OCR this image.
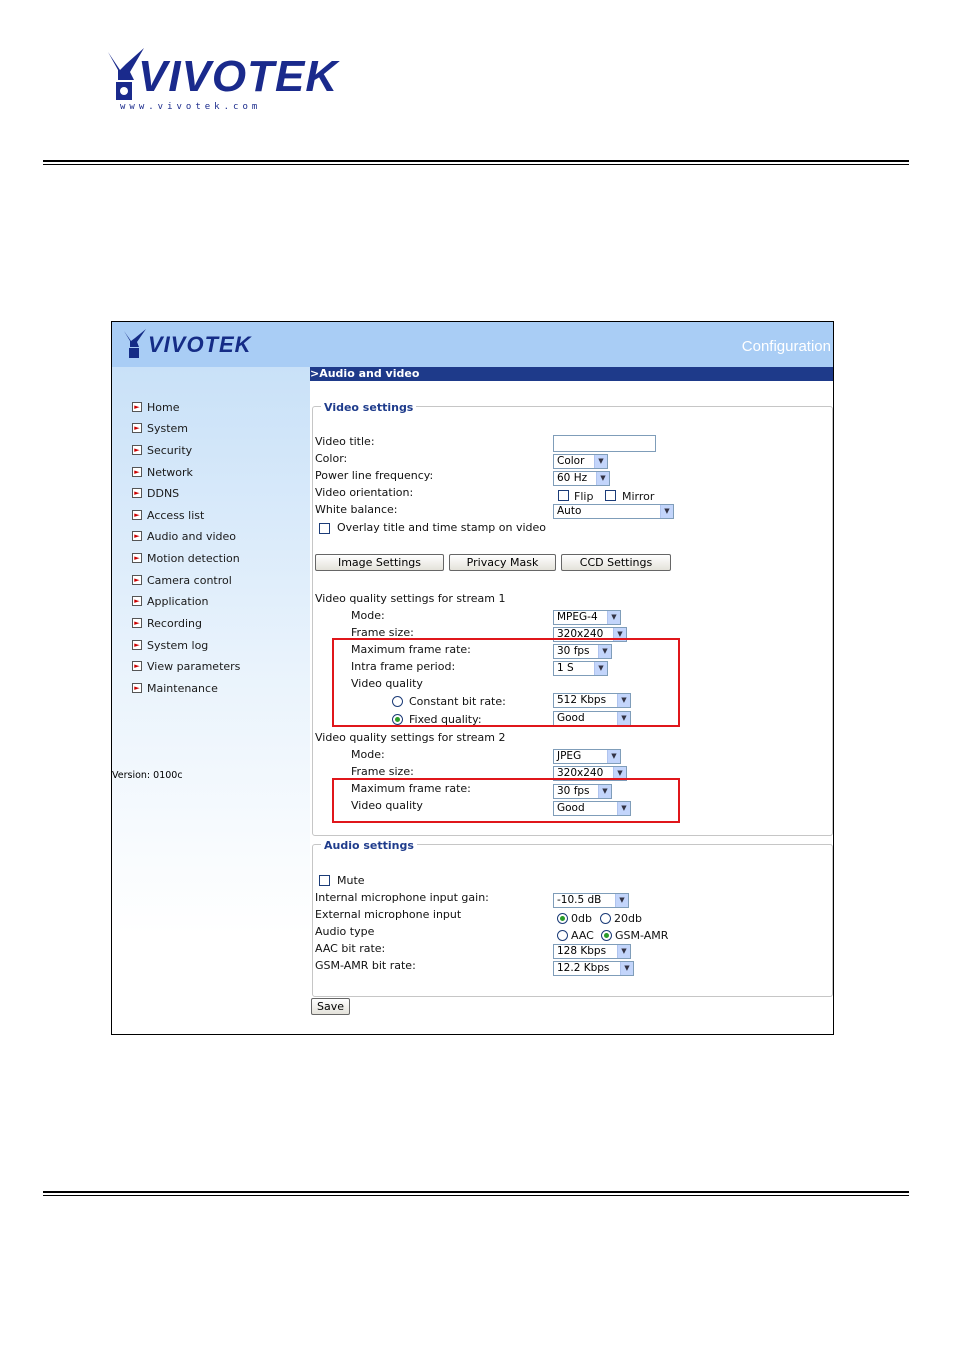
VIVOTEK
www.vivotek.com
VIVOTEK	Configuration
► Home
► System
► Security
► Network
► DDNS
► Access list
► Audio and video
► Motion detection
► Camera control
► Application
► Recording
► System log
► View parameters
► Maintenance
Version: 0100c
>Audio and video
Video settings
Video title:
Color:	Color	▼
Power line frequency:	60 Hz	▼
Video orientation:	Flip	Mirror
White balance:	Auto	▼
Overlay title and time stamp on video
Image Settings	Privacy Mask	CCD Settings
Video quality settings for stream 1
Mode:	MPEG-4	▼
Frame size:	320x240	▼
Maximum frame rate:	30 fps	▼
Intra frame period:	1 S	▼
Video quality
Constant bit rate:	512 Kbps	▼
Fixed quality:	Good	▼
Video quality settings for stream 2
Mode:	JPEG	▼
Frame size:	320x240	▼
Maximum frame rate:	30 fps	▼
Video quality	Good	▼
Audio settings
Mute
Internal microphone input gain:	-10.5 dB	▼
External microphone input	0db 20db
Audio type	AAC GSM-AMR
AAC bit rate:	128 Kbps	▼
GSM-AMR bit rate:	12.2 Kbps	▼
Save
